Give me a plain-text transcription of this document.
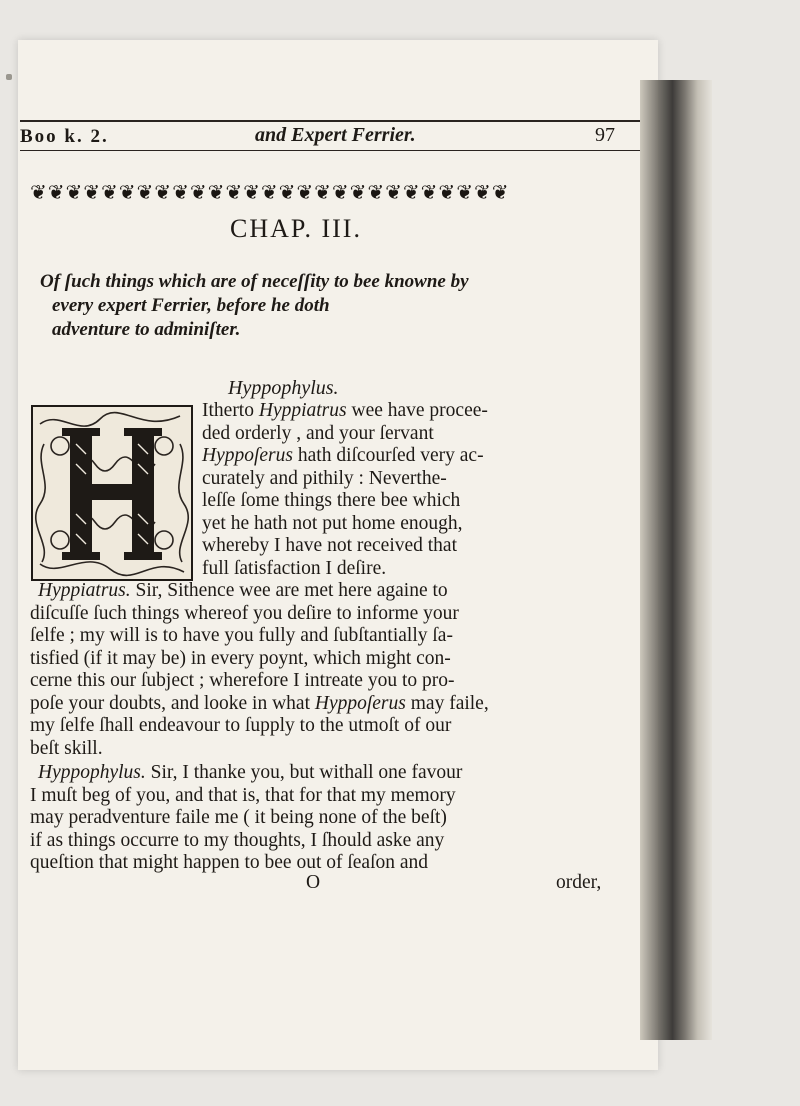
Boo k. 2.	and Expert Ferrier.	97
❦❦❦❦❦❦❦❦❦❦❦❦❦❦❦❦❦❦❦❦❦❦❦❦❦❦❦
CHAP. III.
Of ſuch things which are of neceſſity to bee knowne by
every expert Ferrier, before he doth
adventure to adminiſter.
Hyppophylus.
Itherto Hyppiatrus wee have procee-
ded orderly , and your ſervant
Hyppoſerus hath diſcourſed very ac-
curately and pithily : Neverthe-
leſſe ſome things there bee which
yet he hath not put home enough,
whereby I have not received that
full ſatisfaction I deſire.
Hyppiatrus. Sir, Sithence wee are met here againe to
diſcuſſe ſuch things whereof you deſire to informe your
ſelfe ; my will is to have you fully and ſubſtantially ſa-
tisfied (if it may be) in every poynt, which might con-
cerne this our ſubject ; wherefore I intreate you to pro-
poſe your doubts, and looke in what Hyppoſerus may faile,
my ſelfe ſhall endeavour to ſupply to the utmoſt of our
beſt skill.
Hyppophylus. Sir, I thanke you, but withall one favour
I muſt beg of you, and that is, that for that my memory
may peradventure faile me ( it being none of the beſt)
if as things occurre to my thoughts, I ſhould aske any
queſtion that might happen to bee out of ſeaſon and
O	order,
